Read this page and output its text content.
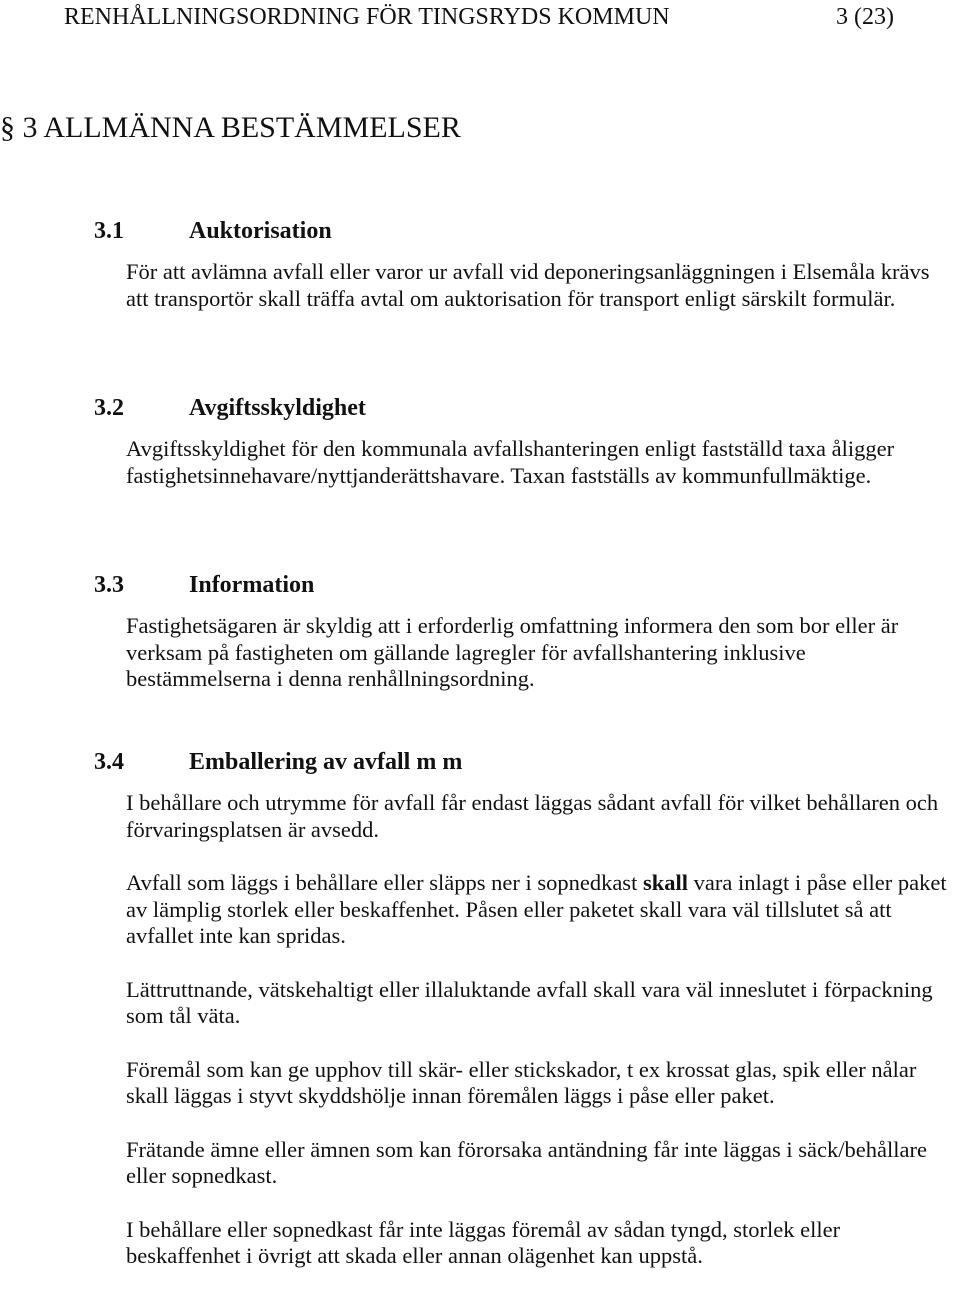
RENHÅLLNINGSORDNING FÖR TINGSRYDS KOMMUN	3 (23)
§ 3 ALLMÄNNA BESTÄMMELSER
3.1	Auktorisation

För att avlämna avfall eller varor ur avfall vid deponeringsanläggningen i Elsemåla krävs att transportör skall träffa avtal om auktorisation för transport enligt särskilt formulär.

3.2	Avgiftsskyldighet

Avgiftsskyldighet för den kommunala avfallshanteringen enligt fastställd taxa åligger fastighetsinnehavare/nyttjanderättshavare. Taxan fastställs av kommunfullmäktige.

3.3	Information

Fastighetsägaren är skyldig att i erforderlig omfattning informera den som bor eller är verksam på fastigheten om gällande lagregler för avfallshantering inklusive bestämmelserna i denna renhållningsordning.

3.4	Emballering av avfall m m

I behållare och utrymme för avfall får endast läggas sådant avfall för vilket behållaren och förvaringsplatsen är avsedd.

Avfall som läggs i behållare eller släpps ner i sopnedkast skall vara inlagt i påse eller paket av lämplig storlek eller beskaffenhet. Påsen eller paketet skall vara väl tillslutet så att avfallet inte kan spridas.

Lättruttnande, vätskehaltigt eller illaluktande avfall skall vara väl inneslutet i förpackning som tål väta.

Föremål som kan ge upphov till skär- eller stickskador, t ex krossat glas, spik eller nålar skall läggas i styvt skyddshölje innan föremålen läggs i påse eller paket.

Frätande ämne eller ämnen som kan förorsaka antändning får inte läggas i säck/behållare eller sopnedkast.

I behållare eller sopnedkast får inte läggas föremål av sådan tyngd, storlek eller beskaffenhet i övrigt att skada eller annan olägenhet kan uppstå.
